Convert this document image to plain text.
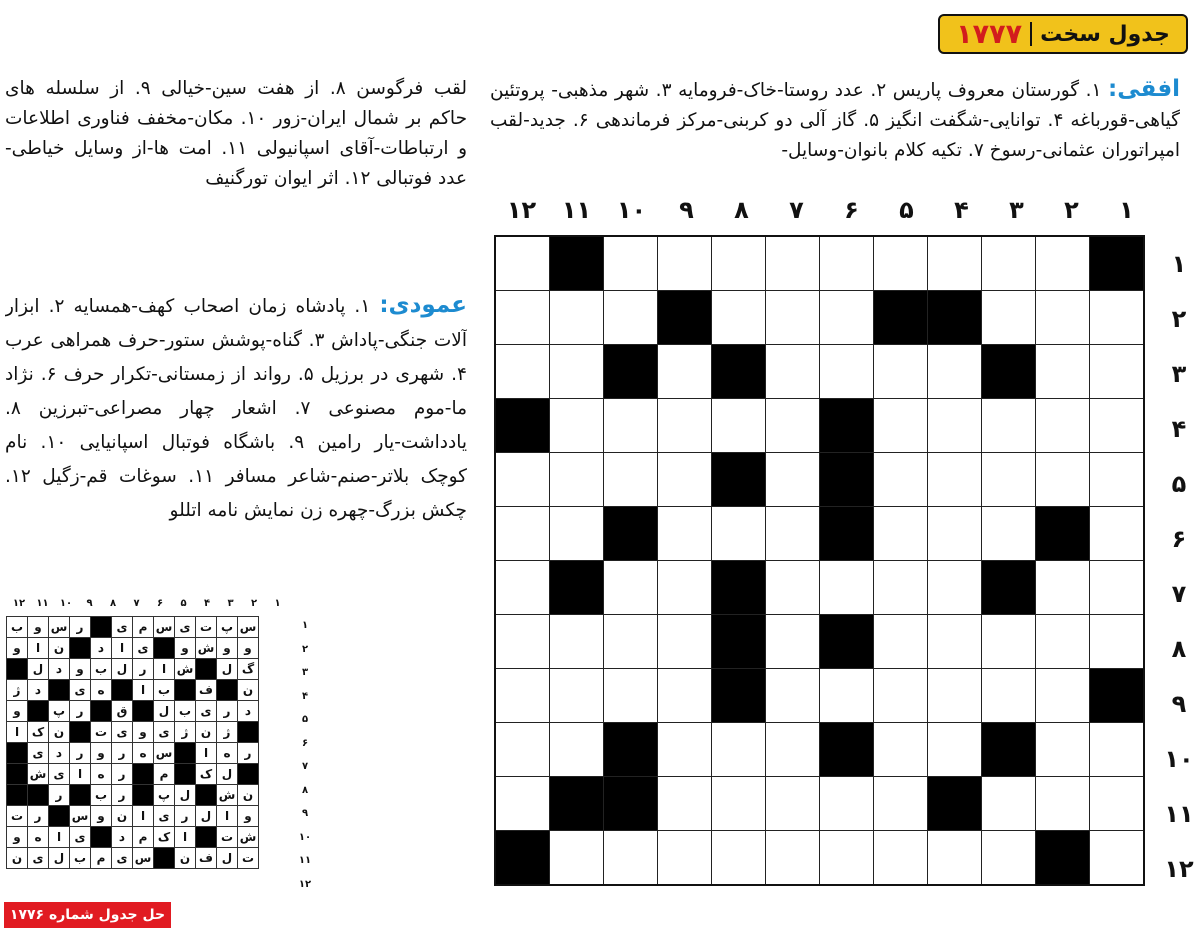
جدول سخت
۱۷۷۷
افقی: ۱. گورستان معروف پاریس ۲. عدد روستا-خاک-فرومایه ۳. شهر مذهبی- پروتئین گیاهی-قورباغه ۴. توانایی-شگفت انگیز ۵. گاز آلی دو کربنی-مرکز فرماندهی ۶. جدید-لقب امپراتوران عثمانی-رسوخ ۷. تکیه کلام بانوان-وسایل-
لقب فرگوسن ۸. از هفت سین-خیالی ۹. از سلسله های حاکم بر شمال ایران-زور ۱۰. مکان-مخفف فناوری اطلاعات و ارتباطات-آقای اسپانیولی ۱۱. امت ها-از وسایل خیاطی-عدد فوتبالی ۱۲. اثر ایوان تورگنیف
عمودی: ۱. پادشاه زمان اصحاب کهف-همسایه ۲. ابزار آلات جنگی-پاداش ۳. گناه-پوشش ستور-حرف همراهی عرب ۴. شهری در برزیل ۵. رواند از زمستانی-تکرار حرف ۶. نژاد ما-موم مصنوعی ۷. اشعار چهار مصراعی-تبرزین ۸. یادداشت-یار رامین ۹. باشگاه فوتبال اسپانیایی ۱۰. نام کوچک بلاتر-صنم-شاعر مسافر ۱۱. سوغات قم-زگیل ۱۲. چکش بزرگ-چهره زن نمایش نامه اتللو
۱
۲
۳
۴
۵
۶
۷
۸
۹
۱۰
۱۱
۱۲
۱
۲
۳
۴
۵
۶
۷
۸
۹
۱۰
۱۱
۱۲

۱
۲
۳
۴
۵
۶
۷
۸
۹
۱۰
۱۱
۱۲
۱
۲
۳
۴
۵
۶
۷
۸
۹
۱۰
۱۱
۱۲
س	پ	ت	ی	س	م	ی		ر	س	و	ب
و	و	ش	و		ی	ا	د		ن	ا	و
گ	ل		ش	ا	ر	ل	ب	و	د	ل	
ن		ف		ب	ا		ه	ی		د	ژ
د	ر	ی	ب	ل		ق		ر	پ		و
	ژ	ن	ژ	ی	و	ی	ت		ن	ک	ا
ر	ه	ا		س	ه	ر	و	ر	د	ی	
	ل	ک		م		ر	ه	ا	ی	ش	
ن	ش		ل	پ		ر	ب		ر		
و	ا	ل	ر	ی	ا	ن	و	س		ر	ت
ش	ت		ا	ک	م	د		ی	ا	ه	و
ت	ل	ف	ن		س	ی	م	ب	ل	ی	ن
حل جدول شماره ۱۷۷۶
